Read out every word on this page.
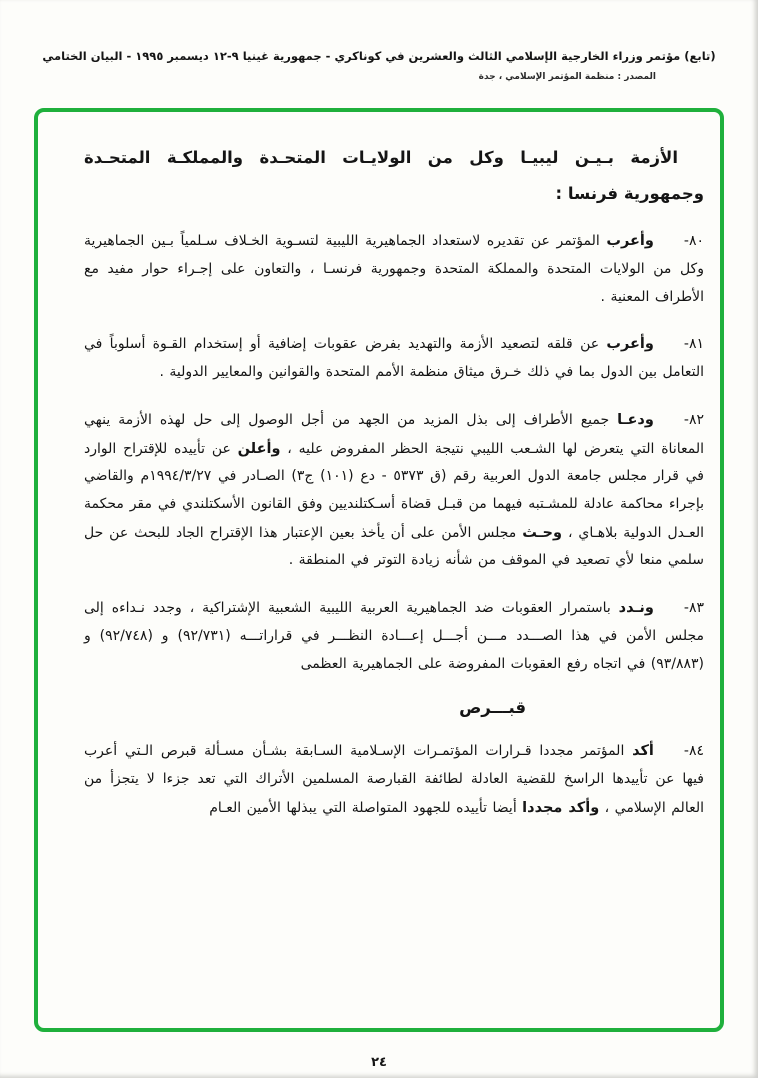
(تابع) مؤتمر وزراء الخارجية الإسلامي الثالث والعشرين في كوناكري - جمهورية غينيا ٩-١٢ ديسمبر ١٩٩٥ - البيان الختامي
المصدر : منظمة المؤتمر الإسلامي ، جدة
الأزمة بـيـن ليبيـا وكل من الولايـات المتحـدة والمملكـة المتحـدة وجمهورية فرنسا :

٨٠-وأعرب المؤتمر عن تقديره لاستعداد الجماهيرية الليبية لتسـوية الخـلاف سـلمياً بـين الجماهيرية وكل من الولايات المتحدة والمملكة المتحدة وجمهورية فرنسـا ، والتعاون على إجـراء حوار مفيد مع الأطراف المعنية .

٨١-وأعرب عن قلقه لتصعيد الأزمة والتهديد بفرض عقوبات إضافية أو إستخدام القـوة أسلوباً في التعامل بين الدول بما في ذلك خـرق ميثاق منظمة الأمم المتحدة والقوانين والمعايير الدولية .

٨٢-ودعـا جميع الأطراف إلى بذل المزيد من الجهد من أجل الوصول إلى حل لهذه الأزمة ينهي المعاناة التي يتعرض لها الشـعب الليبي نتيجة الحظر المفروض عليه ، وأعلن عن تأييده للإقتراح الوارد في قرار مجلس جامعة الدول العربية رقم (ق ٥٣٧٣ - دع (١٠١) ج٣) الصـادر في ١٩٩٤/٣/٢٧م والقاضي بإجراء محاكمة عادلة للمشـتبه فيهما من قبـل قضاة أسـكتلنديين وفق القانون الأسكتلندي في مقر محكمة العـدل الدولية بلاهـاي ، وحـث مجلس الأمن على أن يأخذ بعين الإعتبار هذا الإقتراح الجاد للبحث عن حل سلمي منعا لأي تصعيد في الموقف من شأنه زيادة التوتر في المنطقة .

٨٣-ونـدد باستمرار العقوبات ضد الجماهيرية العربية الليبية الشعبية الإشتراكية ، وجدد نـداءه إلى مجلس الأمن في هذا الصـــدد مـــن أجـــل إعـــادة النظـــر في قراراتـــه (٩٢/٧٣١) و (٩٢/٧٤٨) و (٩٣/٨٨٣) في اتجاه رفع العقوبات المفروضة على الجماهيرية العظمى

قبـــرص

٨٤-أكد المؤتمر مجددا قـرارات المؤتمـرات الإسـلامية السـابقة بشـأن مسـألة قبرص الـتي أعرب فيها عن تأييدها الراسخ للقضية العادلة لطائفة القبارصة المسلمين الأتراك التي تعد جزءا لا يتجزأ من العالم الإسلامي ، وأكد مجددا أيضا تأييده للجهود المتواصلة التي يبذلها الأمين العـام

٢٤
